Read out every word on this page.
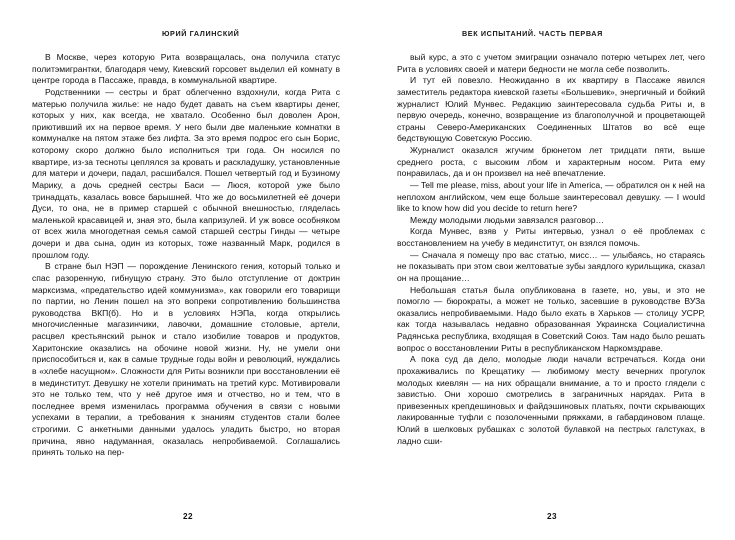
ЮРИЙ ГАЛИНСКИЙ	ВЕК ИСПЫТАНИЙ. ЧАСТЬ ПЕРВАЯ

В Москве, через которую Рита возвращалась, она получила статус политэмигрантки, благодаря чему, Киевский горсовет выделил ей комнату в центре города в Пассаже, правда, в коммунальной квартире.

Родственники — сестры и брат облегченно вздохнули, когда Рита с матерью получила жилье: не надо будет давать на съем квартиры денег, которых у них, как всегда, не хватало. Особенно был доволен Арон, приютивший их на первое время. У него были две маленькие комнатки в коммуналке на пятом этаже без лифта. За это время подрос его сын Борис, которому скоро должно было исполниться три года. Он носился по квартире, из-за тесноты цеплялся за кровать и раскладушку, установленные для матери и дочери, падал, расшибался. Пошел четвертый год и Бузиному Марику, а дочь средней сестры Баси — Люся, которой уже было тринадцать, казалась вовсе барышней. Что же до восьмилетней её дочери Дуси, то она, не в пример старшей с обычной внешностью, гляделась маленькой красавицей и, зная это, была капризулей. И уж вовсе особняком от всех жила многодетная семья самой старшей сестры Гинды — четыре дочери и два сына, один из которых, тоже названный Марк, родился в прошлом году.

В стране был НЭП — порождение Ленинского гения, который только и спас разоренную, гибнущую страну. Это было отступление от доктрин марксизма, «предательство идей коммунизма», как говорили его товарищи по партии, но Ленин пошел на это вопреки сопротивлению большинства руководства ВКП(б). Но и в условиях НЭПа, когда открылись многочисленные магазинчики, лавочки, домашние столовые, артели, расцвел крестьянский рынок и стало изобилие товаров и продуктов, Харитонские оказались на обочине новой жизни. Ну, не умели они приспособиться и, как в самые трудные годы войн и революций, нуждались в «хлебе насущном». Сложности для Риты возникли при восстановлении её в мединститут. Девушку не хотели принимать на третий курс. Мотивировали это не только тем, что у неё другое имя и отчество, но и тем, что в последнее время изменилась программа обучения в связи с новыми успехами в терапии, а требования к знаниям студентов стали более строгими. С анкетными данными удалось уладить быстро, но вторая причина, явно надуманная, оказалась непробиваемой. Соглашались принять только на пер-

вый курс, а это с учетом эмиграции означало потерю четырех лет, чего Рита в условиях своей и матери бедности не могла себе позволить.

И тут ей повезло. Неожиданно в их квартиру в Пассаже явился заместитель редактора киевской газеты «Большевик», энергичный и бойкий журналист Юлий Мунвес. Редакцию заинтересовала судьба Риты и, в первую очередь, конечно, возвращение из благополучной и процветающей страны Северо-Американских Соединенных Штатов во всё еще бедствующую Советскую Россию.

Журналист оказался жгучим брюнетом лет тридцати пяти, выше среднего роста, с высоким лбом и характерным носом. Рита ему понравилась, да и он произвел на неё впечатление.

— Tell me please, miss, about your life in America, — обратился он к ней на неплохом английском, чем еще больше заинтересовал девушку. — I would like to know how did you decide to return here?

Между молодыми людьми завязался разговор…

Когда Мунвес, взяв у Риты интервью, узнал о её проблемах с восстановлением на учебу в мединститут, он взялся помочь.

— Сначала я помещу про вас статью, мисс… — улыбаясь, но стараясь не показывать при этом свои желтоватые зубы заядлого курильщика, сказал он на прощание…

Небольшая статья была опубликована в газете, но, увы, и это не помогло — бюрократы, а может не только, засевшие в руководстве ВУЗа оказались непробиваемыми. Надо было ехать в Харьков — столицу УСРР, как тогда называлась недавно образованная Украинска Социалистична Радянська республика, входящая в Советский Союз. Там надо было решать вопрос о восстановлении Риты в республиканском Наркомздраве.

А пока суд да дело, молодые люди начали встречаться. Когда они прохаживались по Крещатику — любимому месту вечерних прогулок молодых киевлян — на них обращали внимание, а то и просто глядели с завистью. Они хорошо смотрелись в заграничных нарядах. Рита в привезенных крепдешиновых и файдэшиновых платьях, почти скрывающих лакированные туфли с позолоченными пряжками, в габардиновом плаще. Юлий в шелковых рубашках с золотой булавкой на пестрых галстуках, в ладно сши-

22	23
